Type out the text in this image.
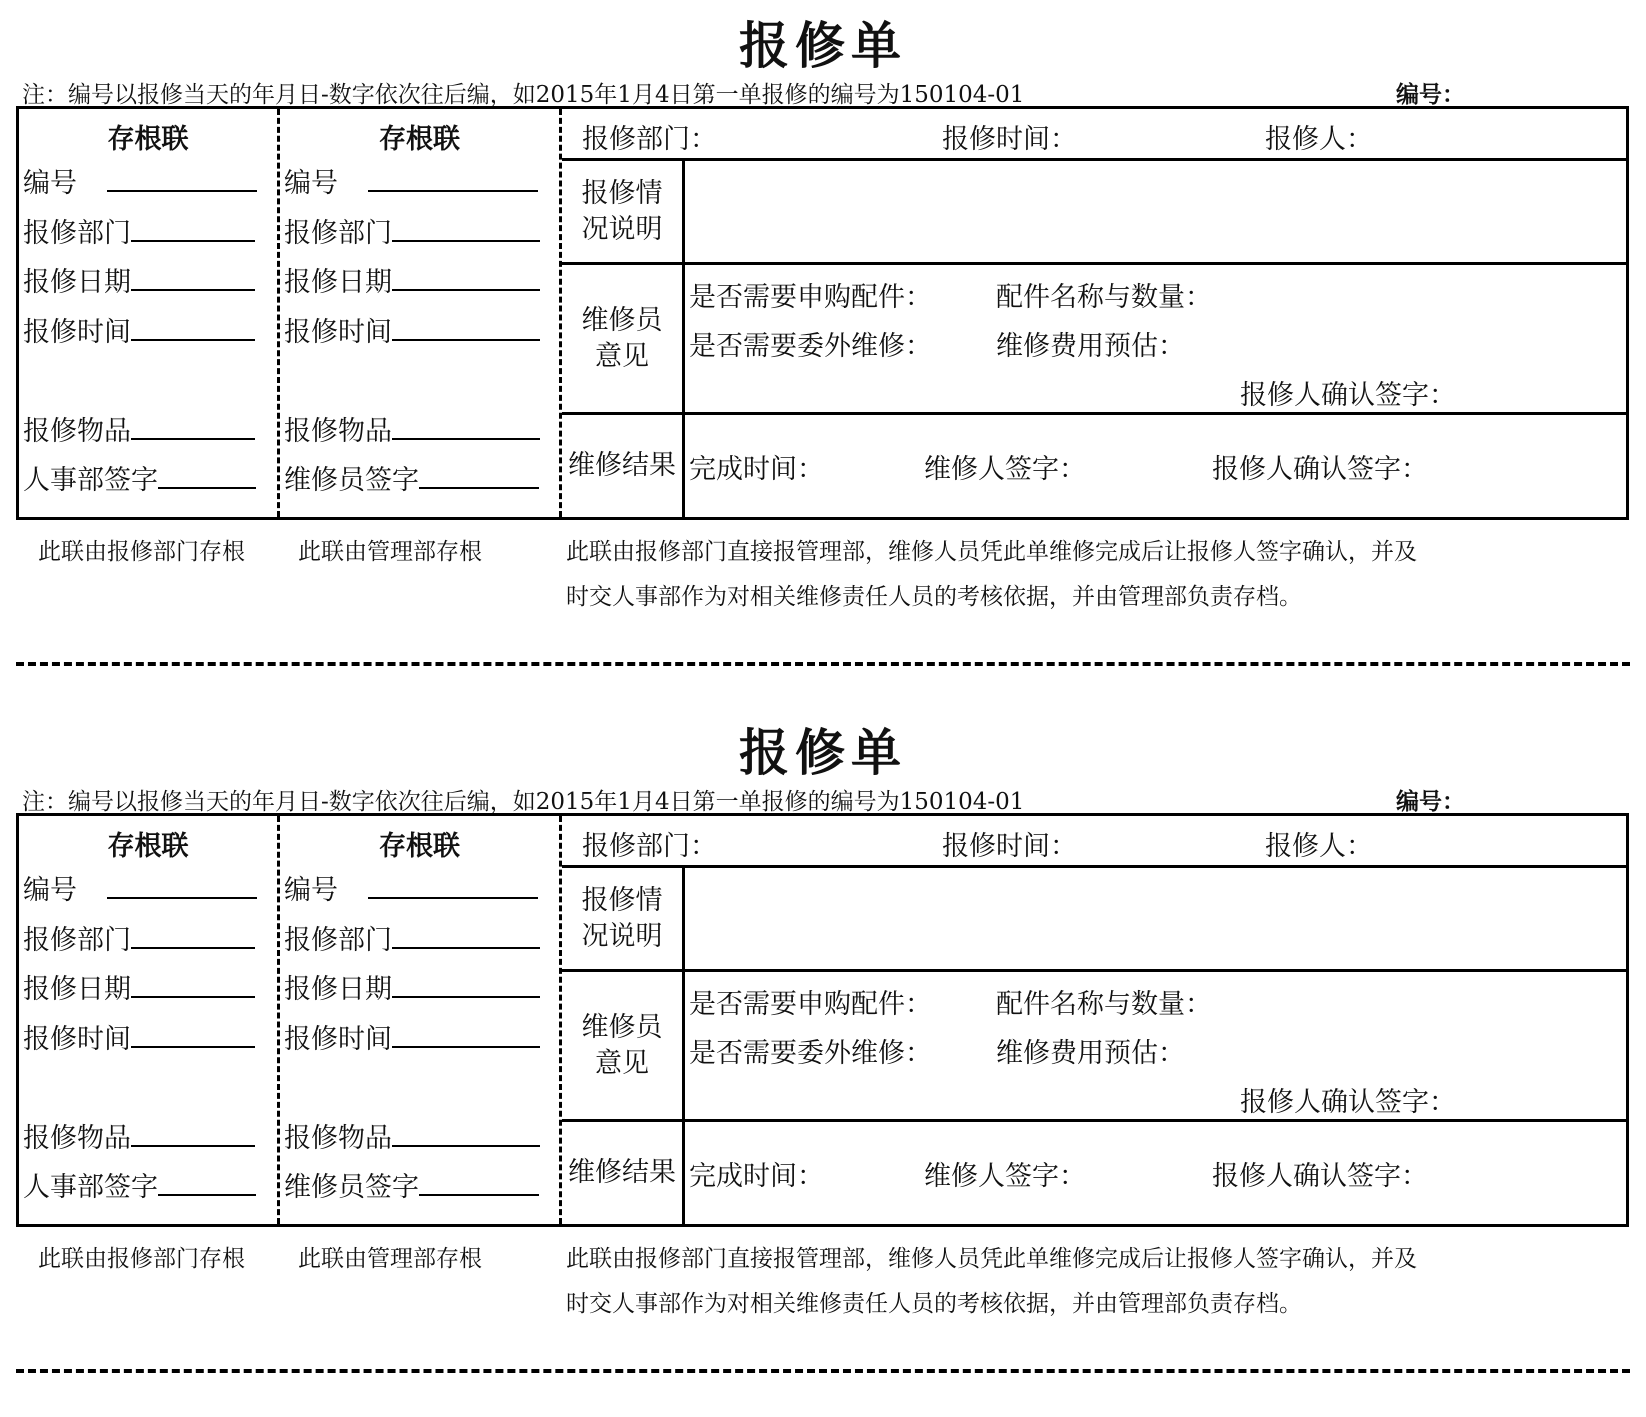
报修单
注：编号以报修当天的年月日-数字依次往后编，如2015年1月4日第一单报修的编号为150104-01	编号：
存根联
编号
报修部门
报修日期
报修时间
报修物品
人事部签字
存根联
编号
报修部门
报修日期
报修时间
报修物品
维修员签字
报修部门：	报修时间：	报修人：
报修情
况说明
维修员
意见
是否需要申购配件： 配件名称与数量：
是否需要委外维修： 维修费用预估：
报修人确认签字：
维修结果 完成时间：	维修人签字：	报修人确认签字：
此联由报修部门存根 此联由管理部存根	此联由报修部门直接报管理部，维修人员凭此单维修完成后让报修人签字确认，并及
时交人事部作为对相关维修责任人员的考核依据，并由管理部负责存档。
报修单
注：编号以报修当天的年月日-数字依次往后编，如2015年1月4日第一单报修的编号为150104-01	编号：
存根联
编号
报修部门
报修日期
报修时间
报修物品
人事部签字
存根联
编号
报修部门
报修日期
报修时间
报修物品
维修员签字
报修部门：	报修时间：	报修人：
报修情
况说明
维修员
意见
是否需要申购配件： 配件名称与数量：
是否需要委外维修： 维修费用预估：
报修人确认签字：
维修结果 完成时间：	维修人签字：	报修人确认签字：
此联由报修部门存根 此联由管理部存根	此联由报修部门直接报管理部，维修人员凭此单维修完成后让报修人签字确认，并及
时交人事部作为对相关维修责任人员的考核依据，并由管理部负责存档。
